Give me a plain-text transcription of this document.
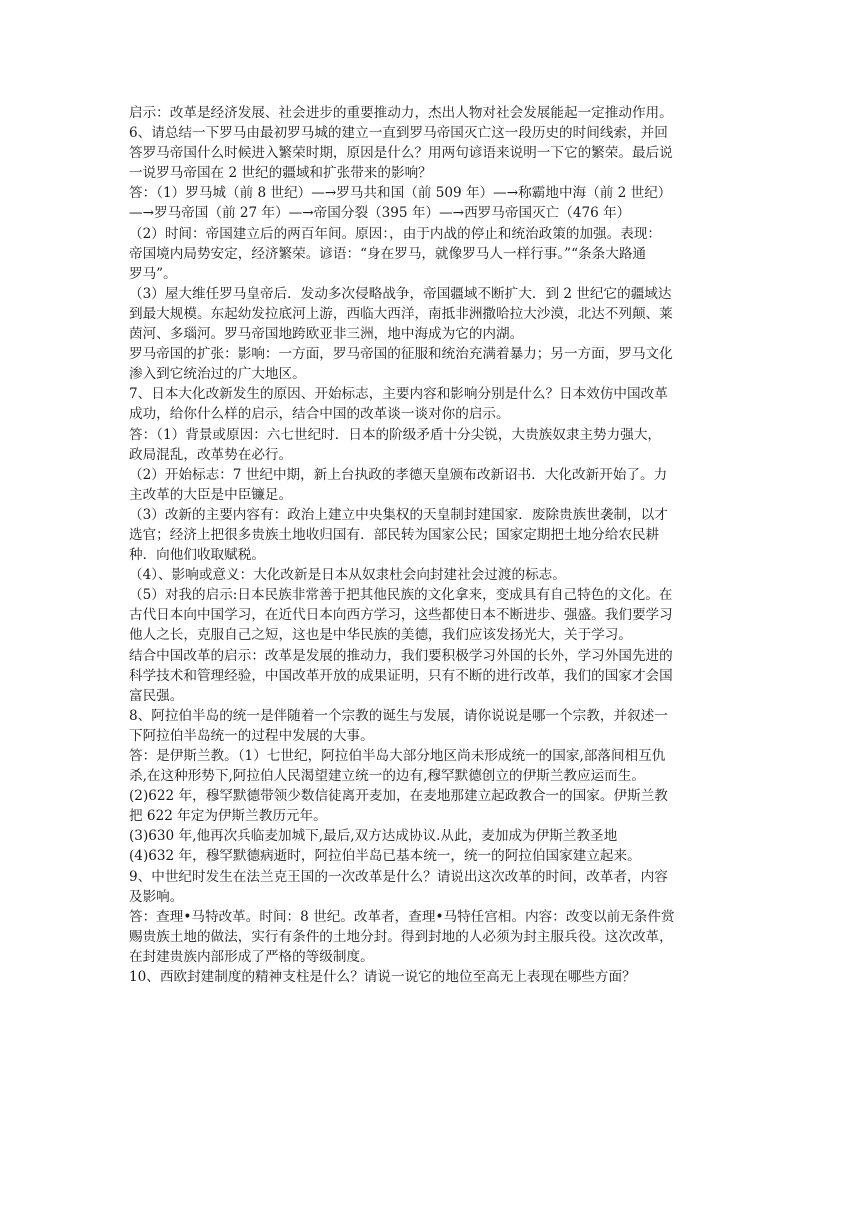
启示：改革是经济发展、社会进步的重要推动力，杰出人物对社会发展能起一定推动作用。
6、请总结一下罗马由最初罗马城的建立一直到罗马帝国灭亡这一段历史的时间线索，并回
答罗马帝国什么时候进入繁荣时期，原因是什么？用两句谚语来说明一下它的繁荣。最后说
一说罗马帝国在 2 世纪的疆域和扩张带来的影响？
答：（1）罗马城（前 8 世纪）—→罗马共和国（前 509 年）—→称霸地中海（前 2 世纪）
—→罗马帝国（前 27 年）—→帝国分裂（395 年）—→西罗马帝国灭亡（476 年）
（2）时间：帝国建立后的两百年间。原因：，由于内战的停止和统治政策的加强。表现：
帝国境内局势安定，经济繁荣。谚语：“身在罗马，就像罗马人一样行事。”“条条大路通
罗马”。
（3）屋大维任罗马皇帝后．发动多次侵略战争，帝国疆域不断扩大．到 2 世纪它的疆域达
到最大规模。东起幼发拉底河上游，西临大西洋，南抵非洲撒哈拉大沙漠，北达不列颠、莱
茵河、多瑙河。罗马帝国地跨欧亚非三洲，地中海成为它的内湖。
罗马帝国的扩张：影响：一方面，罗马帝国的征服和统治充满着暴力；另一方面，罗马文化
渗入到它统治过的广大地区。
7、日本大化改新发生的原因、开始标志，主要内容和影响分别是什么？日本效仿中国改革
成功，给你什么样的启示，结合中国的改革谈一谈对你的启示。
答：（1）背景或原因：六七世纪时．日本的阶级矛盾十分尖锐，大贵族奴隶主势力强大，
政局混乱，改革势在必行。
（2）开始标志：7 世纪中期，新上台执政的孝德天皇颁布改新诏书．大化改新开始了。力
主改革的大臣是中臣镰足。
（3）改新的主要内容有：政治上建立中央集权的天皇制封建国家．废除贵族世袭制，以才
选官；经济上把很多贵族土地收归国有．部民转为国家公民；国家定期把土地分给农民耕
种．向他们收取赋税。
（4）、影响或意义：大化改新是日本从奴隶杜会向封建社会过渡的标志。
（5）对我的启示:日本民族非常善于把其他民族的文化拿来，变成具有自己特色的文化。在
古代日本向中国学习，在近代日本向西方学习，这些都使日本不断进步、强盛。我们要学习
他人之长，克服自己之短，这也是中华民族的美德，我们应该发扬光大，关于学习。
结合中国改革的启示：改革是发展的推动力，我们要积极学习外国的长外，学习外国先进的
科学技术和管理经验，中国改革开放的成果证明，只有不断的进行改革，我们的国家才会国
富民强。
8、阿拉伯半岛的统一是伴随着一个宗教的诞生与发展，请你说说是哪一个宗教，并叙述一
下阿拉伯半岛统一的过程中发展的大事。
答：是伊斯兰教。（1）七世纪，阿拉伯半岛大部分地区尚未形成统一的国家,部落间相互仇
杀,在这种形势下,阿拉伯人民渴望建立统一的边有,穆罕默德创立的伊斯兰教应运而生。
(2)622 年，穆罕默德带领少数信徒离开麦加，在麦地那建立起政教合一的国家。伊斯兰教
把 622 年定为伊斯兰教历元年。
(3)630 年,他再次兵临麦加城下,最后,双方达成协议.从此，麦加成为伊斯兰教圣地
(4)632 年，穆罕默德病逝时，阿拉伯半岛已基本统一，统一的阿拉伯国家建立起来。
9、中世纪时发生在法兰克王国的一次改革是什么？请说出这次改革的时间，改革者，内容
及影响。
答：查理•马特改革。时间：8 世纪。改革者，查理•马特任宫相。内容：改变以前无条件赏
赐贵族土地的做法，实行有条件的土地分封。得到封地的人必须为封主服兵役。这次改革，
在封建贵族内部形成了严格的等级制度。
10、西欧封建制度的精神支柱是什么？请说一说它的地位至高无上表现在哪些方面？
